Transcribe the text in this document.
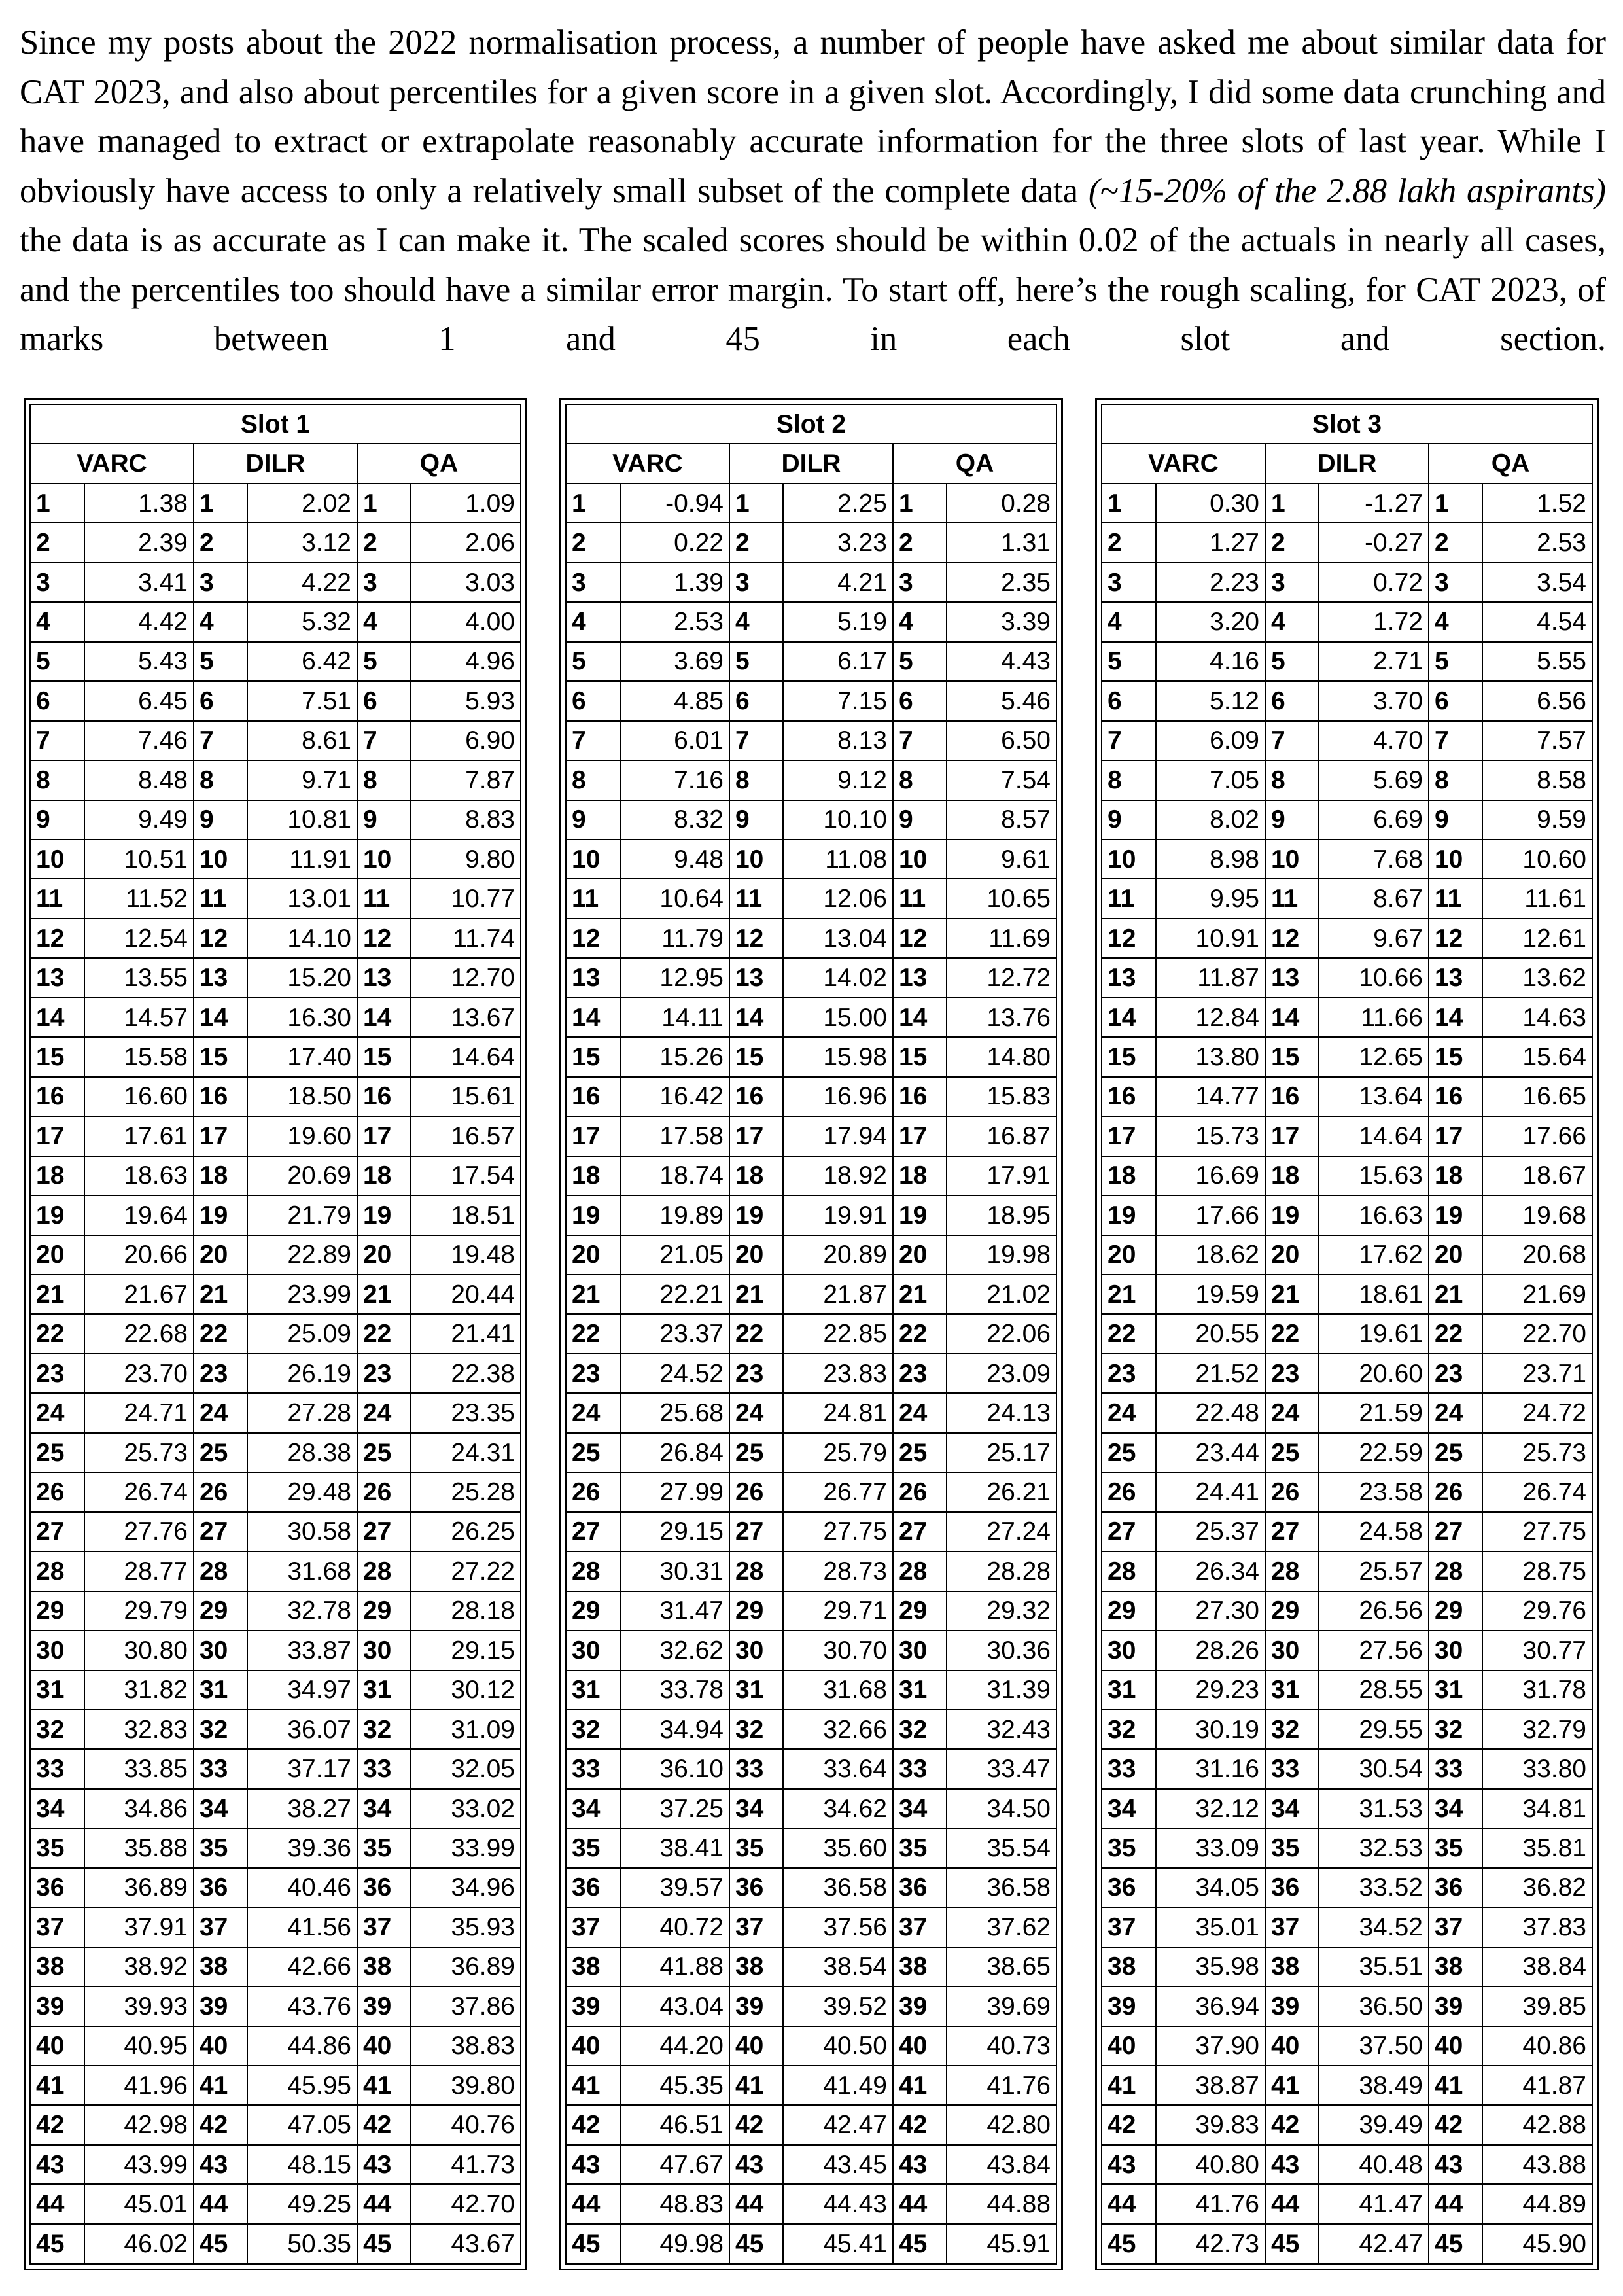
Since my posts about the 2022 normalisation process, a number of people have asked me about similar data for CAT 2023, and also about percentiles for a given score in a given slot. Accordingly, I did some data crunching and have managed to extract or extrapolate reasonably accurate information for the three slots of last year. While I obviously have access to only a relatively small subset of the complete data (~15-20% of the 2.88 lakh aspirants) the data is as accurate as I can make it. The scaled scores should be within 0.02 of the actuals in nearly all cases, and the percentiles too should have a similar error margin. To start off, here’s the rough scaling, for CAT 2023, of marks between 1 and 45 in each slot and section.

Slot 1					
VARC		DILR		QA	
1	1.38	1	2.02	1	1.09
2	2.39	2	3.12	2	2.06
3	3.41	3	4.22	3	3.03
4	4.42	4	5.32	4	4.00
5	5.43	5	6.42	5	4.96
6	6.45	6	7.51	6	5.93
7	7.46	7	8.61	7	6.90
8	8.48	8	9.71	8	7.87
9	9.49	9	10.81	9	8.83
10	10.51	10	11.91	10	9.80
11	11.52	11	13.01	11	10.77
12	12.54	12	14.10	12	11.74
13	13.55	13	15.20	13	12.70
14	14.57	14	16.30	14	13.67
15	15.58	15	17.40	15	14.64
16	16.60	16	18.50	16	15.61
17	17.61	17	19.60	17	16.57
18	18.63	18	20.69	18	17.54
19	19.64	19	21.79	19	18.51
20	20.66	20	22.89	20	19.48
21	21.67	21	23.99	21	20.44
22	22.68	22	25.09	22	21.41
23	23.70	23	26.19	23	22.38
24	24.71	24	27.28	24	23.35
25	25.73	25	28.38	25	24.31
26	26.74	26	29.48	26	25.28
27	27.76	27	30.58	27	26.25
28	28.77	28	31.68	28	27.22
29	29.79	29	32.78	29	28.18
30	30.80	30	33.87	30	29.15
31	31.82	31	34.97	31	30.12
32	32.83	32	36.07	32	31.09
33	33.85	33	37.17	33	32.05
34	34.86	34	38.27	34	33.02
35	35.88	35	39.36	35	33.99
36	36.89	36	40.46	36	34.96
37	37.91	37	41.56	37	35.93
38	38.92	38	42.66	38	36.89
39	39.93	39	43.76	39	37.86
40	40.95	40	44.86	40	38.83
41	41.96	41	45.95	41	39.80
42	42.98	42	47.05	42	40.76
43	43.99	43	48.15	43	41.73
44	45.01	44	49.25	44	42.70
45	46.02	45	50.35	45	43.67
Slot 2					
VARC		DILR		QA	
1	-0.94	1	2.25	1	0.28
2	0.22	2	3.23	2	1.31
3	1.39	3	4.21	3	2.35
4	2.53	4	5.19	4	3.39
5	3.69	5	6.17	5	4.43
6	4.85	6	7.15	6	5.46
7	6.01	7	8.13	7	6.50
8	7.16	8	9.12	8	7.54
9	8.32	9	10.10	9	8.57
10	9.48	10	11.08	10	9.61
11	10.64	11	12.06	11	10.65
12	11.79	12	13.04	12	11.69
13	12.95	13	14.02	13	12.72
14	14.11	14	15.00	14	13.76
15	15.26	15	15.98	15	14.80
16	16.42	16	16.96	16	15.83
17	17.58	17	17.94	17	16.87
18	18.74	18	18.92	18	17.91
19	19.89	19	19.91	19	18.95
20	21.05	20	20.89	20	19.98
21	22.21	21	21.87	21	21.02
22	23.37	22	22.85	22	22.06
23	24.52	23	23.83	23	23.09
24	25.68	24	24.81	24	24.13
25	26.84	25	25.79	25	25.17
26	27.99	26	26.77	26	26.21
27	29.15	27	27.75	27	27.24
28	30.31	28	28.73	28	28.28
29	31.47	29	29.71	29	29.32
30	32.62	30	30.70	30	30.36
31	33.78	31	31.68	31	31.39
32	34.94	32	32.66	32	32.43
33	36.10	33	33.64	33	33.47
34	37.25	34	34.62	34	34.50
35	38.41	35	35.60	35	35.54
36	39.57	36	36.58	36	36.58
37	40.72	37	37.56	37	37.62
38	41.88	38	38.54	38	38.65
39	43.04	39	39.52	39	39.69
40	44.20	40	40.50	40	40.73
41	45.35	41	41.49	41	41.76
42	46.51	42	42.47	42	42.80
43	47.67	43	43.45	43	43.84
44	48.83	44	44.43	44	44.88
45	49.98	45	45.41	45	45.91
Slot 3					
VARC		DILR		QA	
1	0.30	1	-1.27	1	1.52
2	1.27	2	-0.27	2	2.53
3	2.23	3	0.72	3	3.54
4	3.20	4	1.72	4	4.54
5	4.16	5	2.71	5	5.55
6	5.12	6	3.70	6	6.56
7	6.09	7	4.70	7	7.57
8	7.05	8	5.69	8	8.58
9	8.02	9	6.69	9	9.59
10	8.98	10	7.68	10	10.60
11	9.95	11	8.67	11	11.61
12	10.91	12	9.67	12	12.61
13	11.87	13	10.66	13	13.62
14	12.84	14	11.66	14	14.63
15	13.80	15	12.65	15	15.64
16	14.77	16	13.64	16	16.65
17	15.73	17	14.64	17	17.66
18	16.69	18	15.63	18	18.67
19	17.66	19	16.63	19	19.68
20	18.62	20	17.62	20	20.68
21	19.59	21	18.61	21	21.69
22	20.55	22	19.61	22	22.70
23	21.52	23	20.60	23	23.71
24	22.48	24	21.59	24	24.72
25	23.44	25	22.59	25	25.73
26	24.41	26	23.58	26	26.74
27	25.37	27	24.58	27	27.75
28	26.34	28	25.57	28	28.75
29	27.30	29	26.56	29	29.76
30	28.26	30	27.56	30	30.77
31	29.23	31	28.55	31	31.78
32	30.19	32	29.55	32	32.79
33	31.16	33	30.54	33	33.80
34	32.12	34	31.53	34	34.81
35	33.09	35	32.53	35	35.81
36	34.05	36	33.52	36	36.82
37	35.01	37	34.52	37	37.83
38	35.98	38	35.51	38	38.84
39	36.94	39	36.50	39	39.85
40	37.90	40	37.50	40	40.86
41	38.87	41	38.49	41	41.87
42	39.83	42	39.49	42	42.88
43	40.80	43	40.48	43	43.88
44	41.76	44	41.47	44	44.89
45	42.73	45	42.47	45	45.90
